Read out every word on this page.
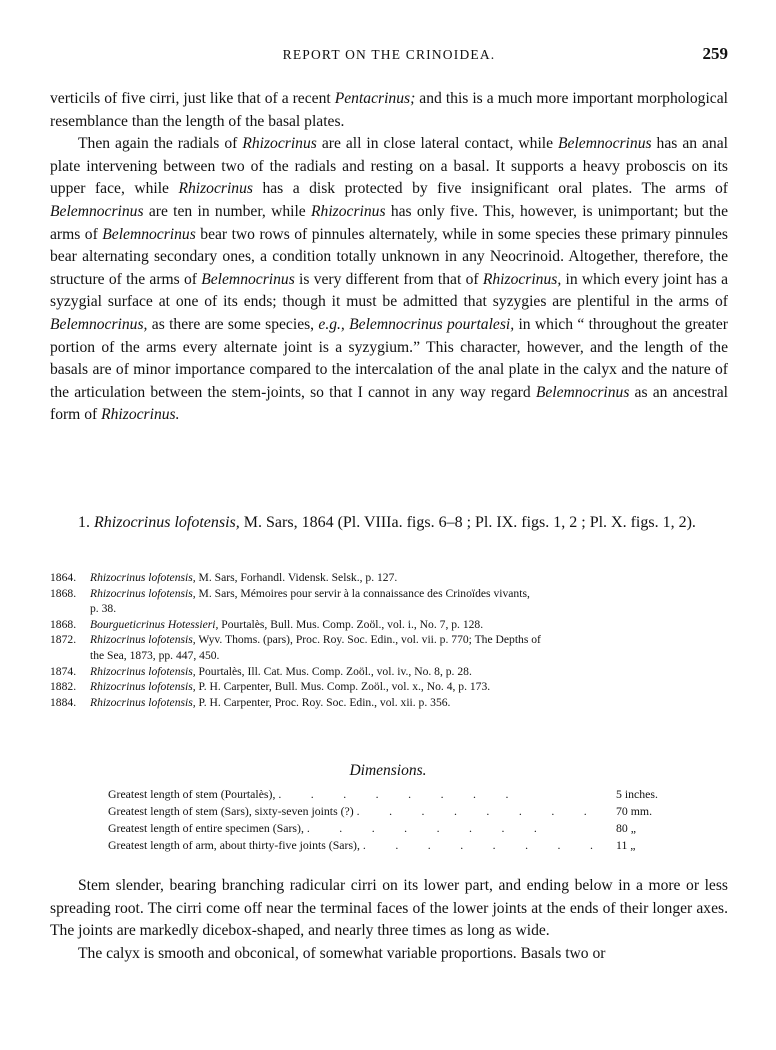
REPORT ON THE CRINOIDEA.	259

verticils of five cirri, just like that of a recent Pentacrinus; and this is a much more important morphological resemblance than the length of the basal plates.

Then again the radials of Rhizocrinus are all in close lateral contact, while Belemnocrinus has an anal plate intervening between two of the radials and resting on a basal. It supports a heavy proboscis on its upper face, while Rhizocrinus has a disk protected by five insignificant oral plates. The arms of Belemnocrinus are ten in number, while Rhizocrinus has only five. This, however, is unimportant; but the arms of Belemnocrinus bear two rows of pinnules alternately, while in some species these primary pinnules bear alternating secondary ones, a condition totally unknown in any Neocrinoid. Altogether, therefore, the structure of the arms of Belemnocrinus is very different from that of Rhizocrinus, in which every joint has a syzygial surface at one of its ends; though it must be admitted that syzygies are plentiful in the arms of Belemnocrinus, as there are some species, e.g., Belemnocrinus pourtalesi, in which “ throughout the greater portion of the arms every alternate joint is a syzygium.” This character, however, and the length of the basals are of minor importance compared to the intercalation of the anal plate in the calyx and the nature of the articulation between the stem-joints, so that I cannot in any way regard Belemnocrinus as an ancestral form of Rhizocrinus.

1. Rhizocrinus lofotensis, M. Sars, 1864 (Pl. VIIIa. figs. 6–8 ; Pl. IX. figs. 1, 2 ; Pl. X. figs. 1, 2).

1864.	Rhizocrinus lofotensis, M. Sars, Forhandl. Vidensk. Selsk., p. 127.
1868.	Rhizocrinus lofotensis, M. Sars, Mémoires pour servir à la connaissance des Crinoïdes vivants,
p. 38.
1868.	Bourgueticrinus Hotessieri, Pourtalès, Bull. Mus. Comp. Zoöl., vol. i., No. 7, p. 128.
1872.	Rhizocrinus lofotensis, Wyv. Thoms. (pars), Proc. Roy. Soc. Edin., vol. vii. p. 770; The Depths of
the Sea, 1873, pp. 447, 450.
1874.	Rhizocrinus lofotensis, Pourtalès, Ill. Cat. Mus. Comp. Zoöl., vol. iv., No. 8, p. 28.
1882.	Rhizocrinus lofotensis, P. H. Carpenter, Bull. Mus. Comp. Zoöl., vol. x., No. 4, p. 173.
1884.	Rhizocrinus lofotensis, P. H. Carpenter, Proc. Roy. Soc. Edin., vol. xii. p. 356.
Dimensions.
Greatest length of stem (Pourtalès), .	5 inches.
Greatest length of stem (Sars), sixty-seven joints (?) .	70 mm.
Greatest length of entire specimen (Sars), .	80 „
Greatest length of arm, about thirty-five joints (Sars), .	11 „

Stem slender, bearing branching radicular cirri on its lower part, and ending below in a more or less spreading root. The cirri come off near the terminal faces of the lower joints at the ends of their longer axes. The joints are markedly dicebox-shaped, and nearly three times as long as wide.

The calyx is smooth and obconical, of somewhat variable proportions. Basals two or
